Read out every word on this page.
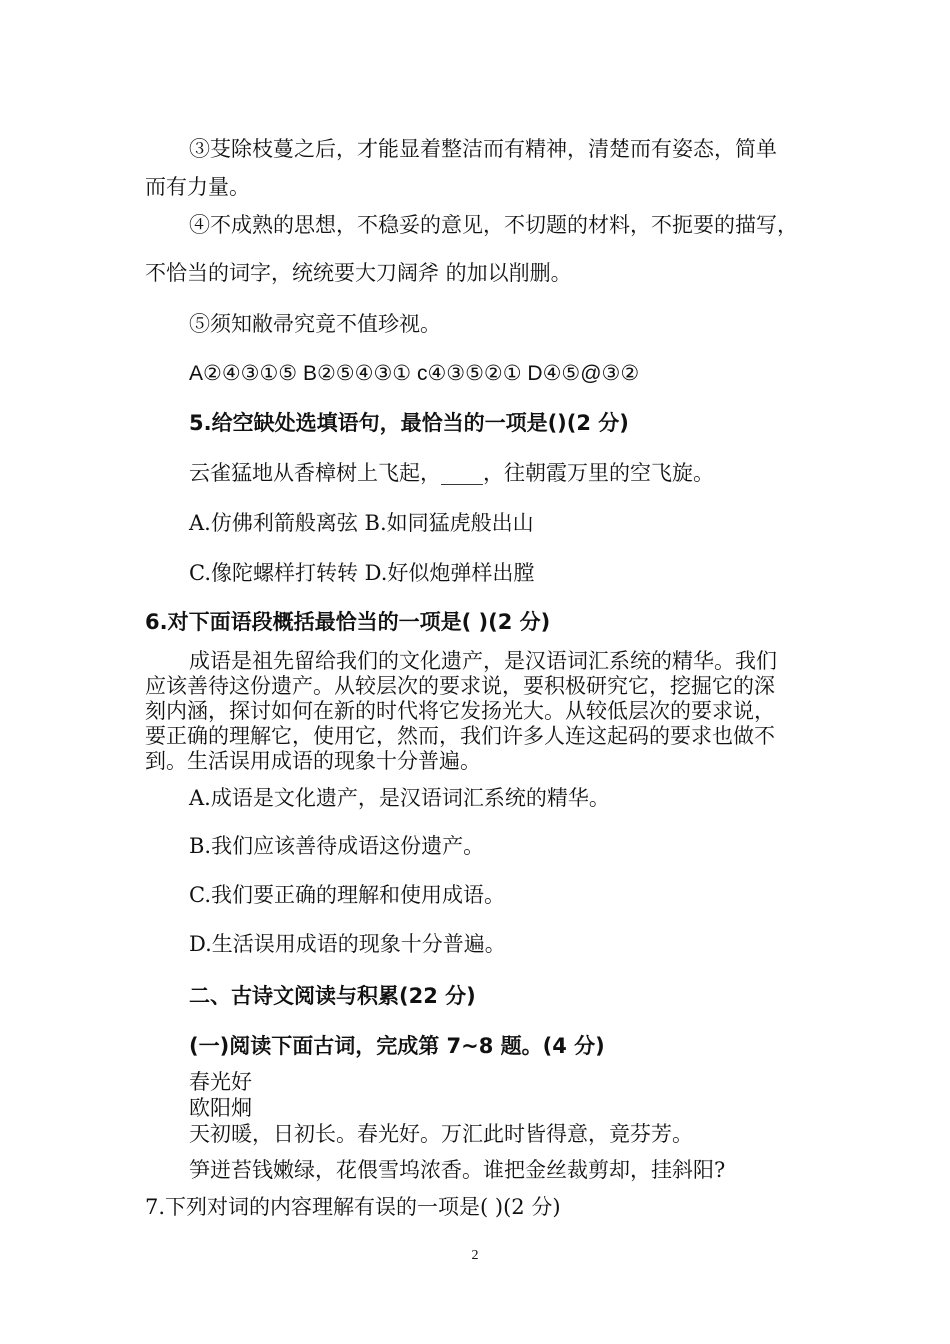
③芟除枝蔓之后，才能显着整洁而有精神，清楚而有姿态，简单
而有力量。
④不成熟的思想，不稳妥的意见，不切题的材料，不扼要的描写，
不恰当的词字，统统要大刀阔斧 的加以削删。
⑤须知敝帚究竟不值珍视。
A②④③①⑤ B②⑤④③① c④③⑤②① D④⑤@③②
5.给空缺处选填语句，最恰当的一项是()(2 分)
云雀猛地从香樟树上飞起，____，往朝霞万里的空飞旋。
A.仿佛利箭般离弦 B.如同猛虎般出山
C.像陀螺样打转转 D.好似炮弹样出膛
6.对下面语段概括最恰当的一项是( )(2 分)
成语是祖先留给我们的文化遗产，是汉语词汇系统的精华。我们
应该善待这份遗产。从较层次的要求说，要积极研究它，挖掘它的深
刻内涵，探讨如何在新的时代将它发扬光大。从较低层次的要求说，
要正确的理解它，使用它，然而，我们许多人连这起码的要求也做不
到。生活误用成语的现象十分普遍。
A.成语是文化遗产，是汉语词汇系统的精华。
B.我们应该善待成语这份遗产。
C.我们要正确的理解和使用成语。
D.生活误用成语的现象十分普遍。
二、古诗文阅读与积累(22 分)
(一)阅读下面古词，完成第 7~8 题。(4 分)
春光好
欧阳炯
天初暖，日初长。春光好。万汇此时皆得意，竟芬芳。
笋迸苔钱嫩绿，花偎雪坞浓香。谁把金丝裁剪却，挂斜阳?
7.下列对词的内容理解有误的一项是( )(2 分)
2
